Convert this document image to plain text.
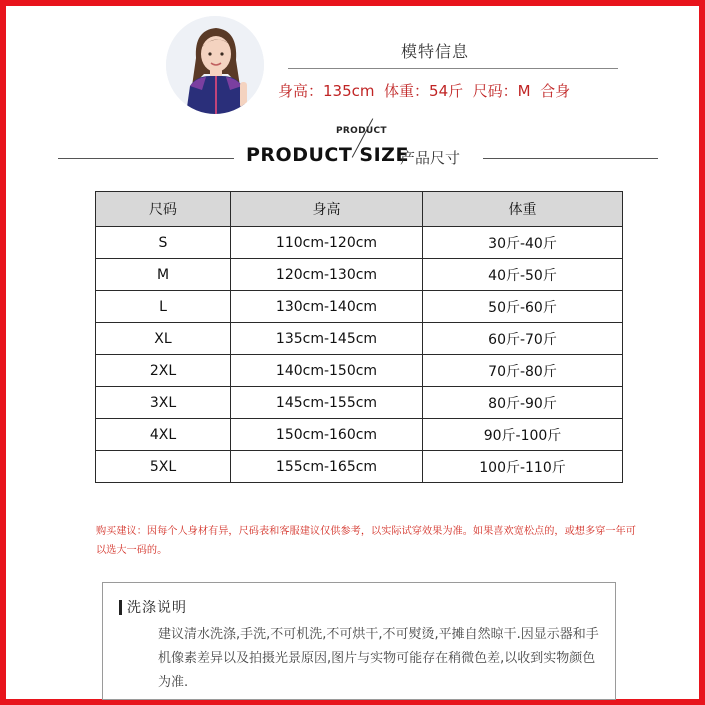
模特信息
身高：135cm  体重：54斤  尺码：M  合身
PRODUCT
PRODUCT SIZE
产品尺寸
尺码	身高	体重
S	110cm-120cm	30斤-40斤
M	120cm-130cm	40斤-50斤
L	130cm-140cm	50斤-60斤
XL	135cm-145cm	60斤-70斤
2XL	140cm-150cm	70斤-80斤
3XL	145cm-155cm	80斤-90斤
4XL	150cm-160cm	90斤-100斤
5XL	155cm-165cm	100斤-110斤
购买建议：因每个人身材有异，尺码表和客服建议仅供参考，以实际试穿效果为准。如果喜欢宽松点的，或想多穿一年可以选大一码的。
洗涤说明
建议清水洗涤,手洗,不可机洗,不可烘干,不可熨烫,平摊自然晾干.因显示器和手机像素差异以及拍摄光景原因,图片与实物可能存在稍微色差,以收到实物颜色为准.
